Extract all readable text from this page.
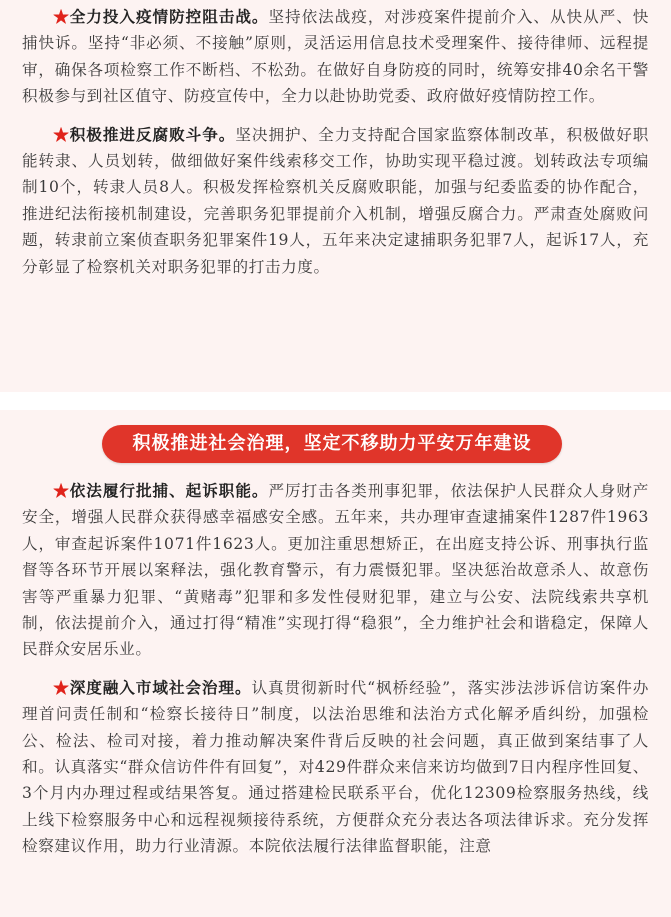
★全力投入疫情防控阻击战。坚持依法战疫，对涉疫案件提前介入、从快从严、快捕快诉。坚持“非必须、不接触”原则，灵活运用信息技术受理案件、接待律师、远程提审，确保各项检察工作不断档、不松劲。在做好自身防疫的同时，统筹安排40余名干警积极参与到社区值守、防疫宣传中，全力以赴协助党委、政府做好疫情防控工作。

★积极推进反腐败斗争。坚决拥护、全力支持配合国家监察体制改革，积极做好职能转隶、人员划转，做细做好案件线索移交工作，协助实现平稳过渡。划转政法专项编制10个，转隶人员8人。积极发挥检察机关反腐败职能，加强与纪委监委的协作配合，推进纪法衔接机制建设，完善职务犯罪提前介入机制，增强反腐合力。严肃查处腐败问题，转隶前立案侦查职务犯罪案件19人，五年来决定逮捕职务犯罪7人，起诉17人，充分彰显了检察机关对职务犯罪的打击力度。

★依法履行批捕、起诉职能。严厉打击各类刑事犯罪，依法保护人民群众人身财产安全，增强人民群众获得感幸福感安全感。五年来，共办理审查逮捕案件1287件1963人，审查起诉案件1071件1623人。更加注重思想矫正，在出庭支持公诉、刑事执行监督等各环节开展以案释法，强化教育警示，有力震慑犯罪。坚决惩治故意杀人、故意伤害等严重暴力犯罪、“黄赌毒”犯罪和多发性侵财犯罪，建立与公安、法院线索共享机制，依法提前介入，通过打得“精准”实现打得“稳狠”，全力维护社会和谐稳定，保障人民群众安居乐业。

★深度融入市域社会治理。认真贯彻新时代“枫桥经验”，落实涉法涉诉信访案件办理首问责任制和“检察长接待日”制度，以法治思维和法治方式化解矛盾纠纷，加强检公、检法、检司对接，着力推动解决案件背后反映的社会问题，真正做到案结事了人和。认真落实“群众信访件件有回复”，对429件群众来信来访均做到7日内程序性回复、3个月内办理过程或结果答复。通过搭建检民联系平台，优化12309检察服务热线，线上线下检察服务中心和远程视频接待系统，方便群众充分表达各项法律诉求。充分发挥检察建议作用，助力行业清源。本院依法履行法律监督职能，注意

积极推进社会治理，坚定不移助力平安万年建设
